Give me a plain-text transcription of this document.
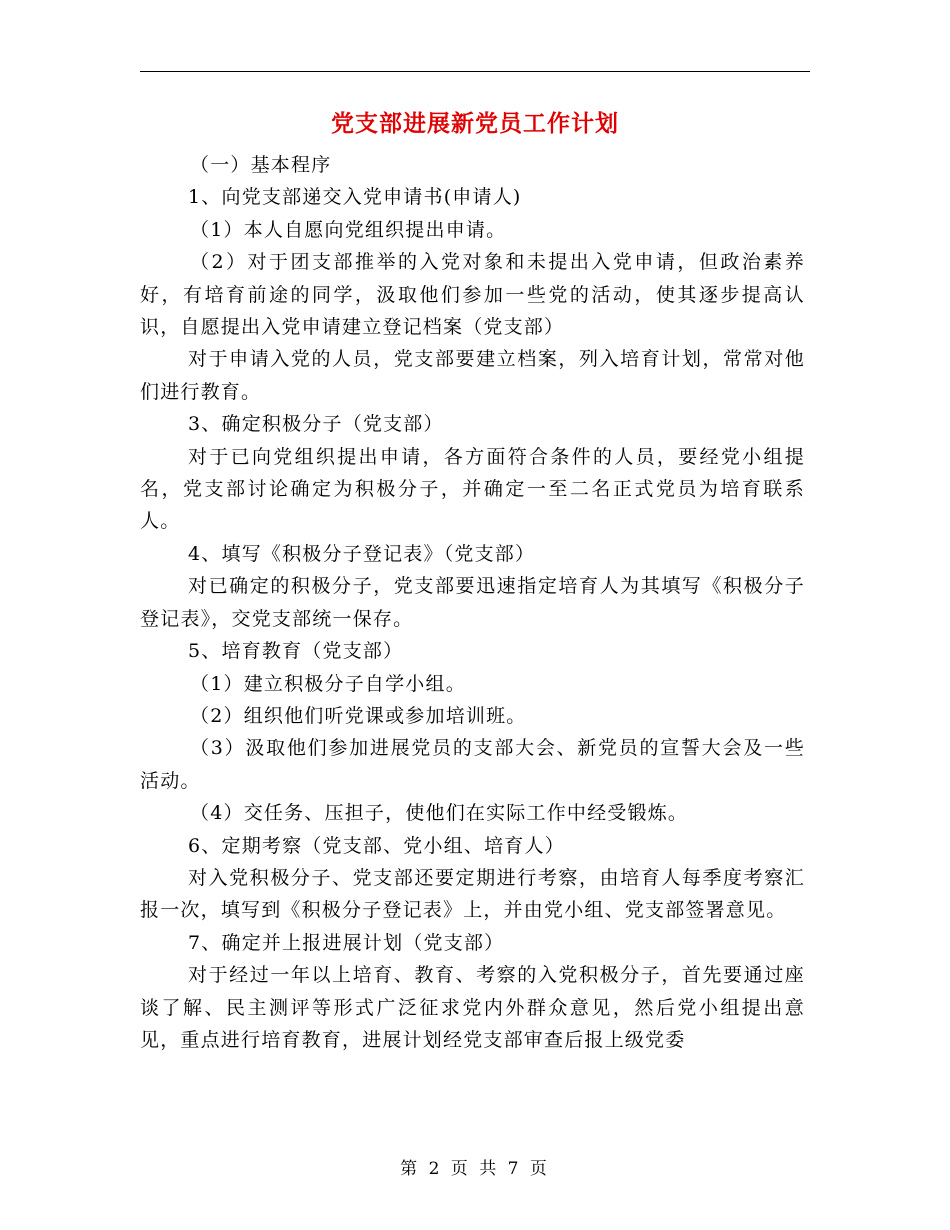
党支部进展新党员工作计划

（一）基本程序

1、向党支部递交入党申请书(申请人)

（1）本人自愿向党组织提出申请。

（2）对于团支部推举的入党对象和未提出入党申请，但政治素养好，有培育前途的同学，汲取他们参加一些党的活动，使其逐步提高认识，自愿提出入党申请建立登记档案（党支部）

对于申请入党的人员，党支部要建立档案，列入培育计划，常常对他们进行教育。

3、确定积极分子（党支部）

对于已向党组织提出申请，各方面符合条件的人员，要经党小组提名，党支部讨论确定为积极分子，并确定一至二名正式党员为培育联系人。

4、填写《积极分子登记表》（党支部）

对已确定的积极分子，党支部要迅速指定培育人为其填写《积极分子登记表》，交党支部统一保存。

5、培育教育（党支部）

（1）建立积极分子自学小组。

（2）组织他们听党课或参加培训班。

（3）汲取他们参加进展党员的支部大会、新党员的宣誓大会及一些活动。

（4）交任务、压担子，使他们在实际工作中经受锻炼。

6、定期考察（党支部、党小组、培育人）

对入党积极分子、党支部还要定期进行考察，由培育人每季度考察汇报一次，填写到《积极分子登记表》上，并由党小组、党支部签署意见。

7、确定并上报进展计划（党支部）

对于经过一年以上培育、教育、考察的入党积极分子，首先要通过座谈了解、民主测评等形式广泛征求党内外群众意见，然后党小组提出意见，重点进行培育教育，进展计划经党支部审查后报上级党委

第 2 页 共 7 页
